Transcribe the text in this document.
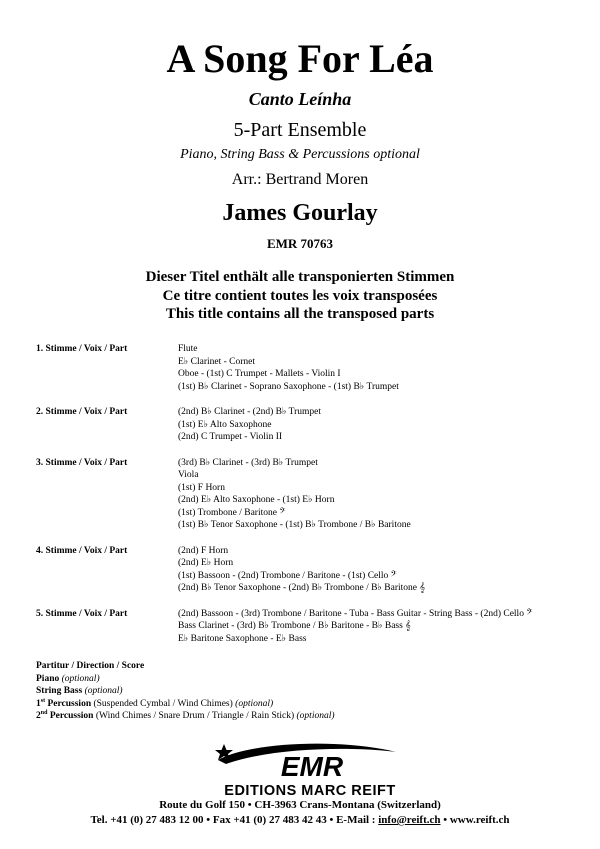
A Song For Léa
Canto Leínha
5-Part Ensemble
Piano, String Bass & Percussions optional
Arr.: Bertrand Moren
James Gourlay
EMR 70763
Dieser Titel enthält alle transponierten Stimmen
Ce titre contient toutes les voix transposées
This title contains all the transposed parts
1. Stimme / Voix / Part	Flute
E♭ Clarinet - Cornet
Oboe - (1st) C Trumpet - Mallets - Violin I
(1st) B♭ Clarinet - Soprano Saxophone - (1st) B♭ Trumpet
2. Stimme / Voix / Part	(2nd) B♭ Clarinet - (2nd) B♭ Trumpet
(1st) E♭ Alto Saxophone
(2nd) C Trumpet - Violin II
3. Stimme / Voix / Part	(3rd) B♭ Clarinet - (3rd) B♭ Trumpet
Viola
(1st) F Horn
(2nd) E♭ Alto Saxophone - (1st) E♭ Horn
(1st) Trombone / Baritone 𝄢
(1st) B♭ Tenor Saxophone - (1st) B♭ Trombone / B♭ Baritone
4. Stimme / Voix / Part	(2nd) F Horn
(2nd) E♭ Horn
(1st) Bassoon - (2nd) Trombone / Baritone - (1st) Cello 𝄢
(2nd) B♭ Tenor Saxophone - (2nd) B♭ Trombone / B♭ Baritone 𝄞
5. Stimme / Voix / Part	(2nd) Bassoon - (3rd) Trombone / Baritone - Tuba - Bass Guitar - String Bass - (2nd) Cello 𝄢
Bass Clarinet - (3rd) B♭ Trombone / B♭ Baritone - B♭ Bass 𝄞
E♭ Baritone Saxophone - E♭ Bass
Partitur / Direction / Score
Piano (optional)
String Bass (optional)
1st Percussion (Suspended Cymbal / Wind Chimes) (optional)
2nd Percussion (Wind Chimes / Snare Drum / Triangle / Rain Stick) (optional)
EMR
EDITIONS MARC REIFT
Route du Golf 150 • CH-3963 Crans-Montana (Switzerland)
Tel. +41 (0) 27 483 12 00 • Fax +41 (0) 27 483 42 43 • E-Mail : info@reift.ch • www.reift.ch
